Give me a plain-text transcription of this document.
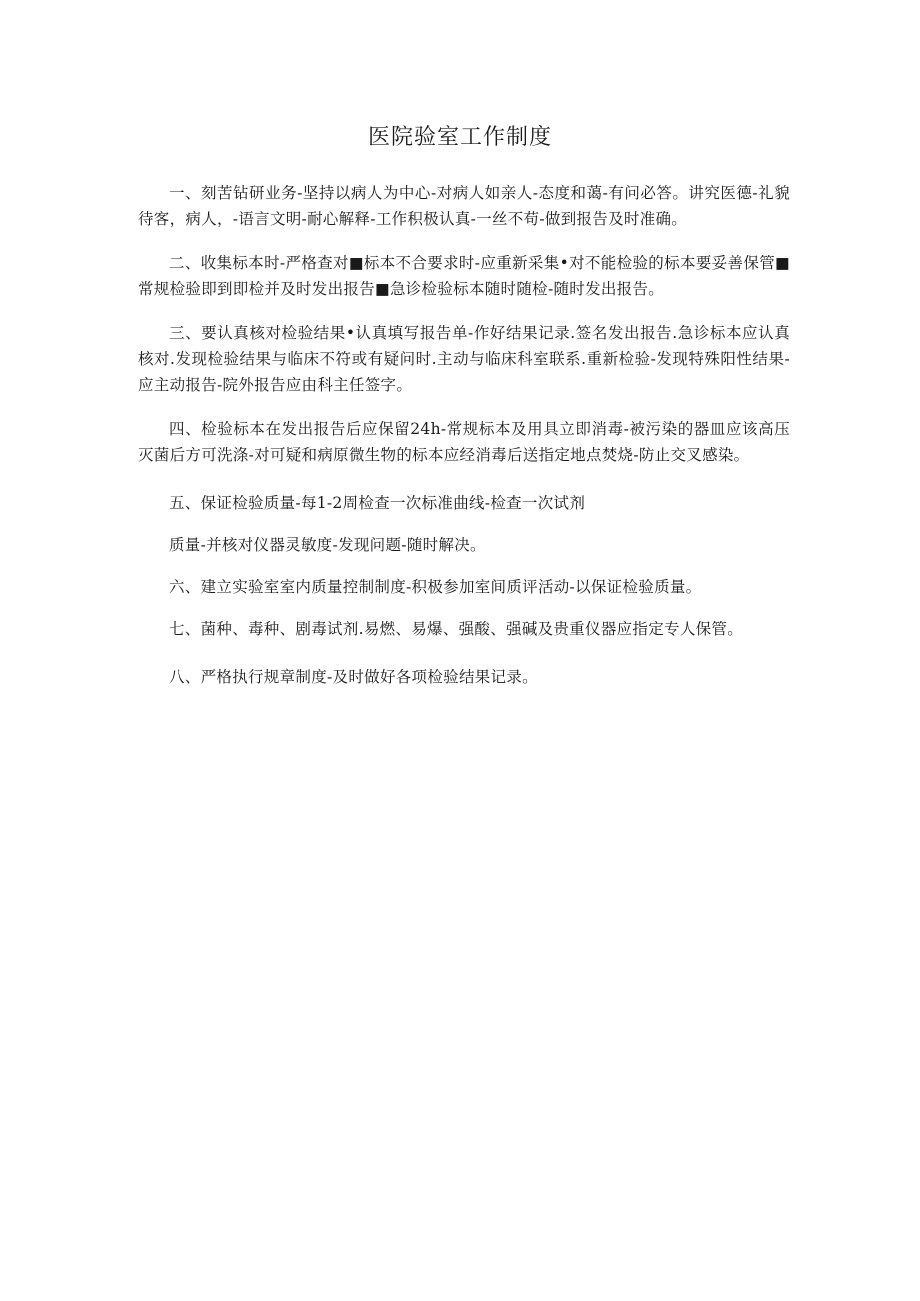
医院验室工作制度

一、刻苦钻研业务-坚持以病人为中心-对病人如亲人-态度和蔼-有问必答。讲究医德-礼貌待客，病人，-语言文明-耐心解释-工作积极认真-一丝不苟-做到报告及时准确。

二、收集标本时-严格查对■标本不合要求时-应重新采集•对不能检验的标本要妥善保管■常规检验即到即检并及时发出报告■急诊检验标本随时随检-随时发出报告。

三、要认真核对检验结果•认真填写报告单-作好结果记录.签名发出报告.急诊标本应认真核对.发现检验结果与临床不符或有疑问时.主动与临床科室联系.重新检验-发现特殊阳性结果-应主动报告-院外报告应由科主任签字。

四、检验标本在发出报告后应保留24h-常规标本及用具立即消毒-被污染的器皿应该高压灭菌后方可洗涤-对可疑和病原微生物的标本应经消毒后送指定地点焚烧-防止交叉感染。

五、保证检验质量-每1-2周检查一次标准曲线-检查一次试剂

质量-并核对仪器灵敏度-发现问题-随时解决。

六、建立实验室室内质量控制制度-积极参加室间质评活动-以保证检验质量。

七、菌种、毒种、剧毒试剂.易燃、易爆、强酸、强碱及贵重仪器应指定专人保管。

八、严格执行规章制度-及时做好各项检验结果记录。
